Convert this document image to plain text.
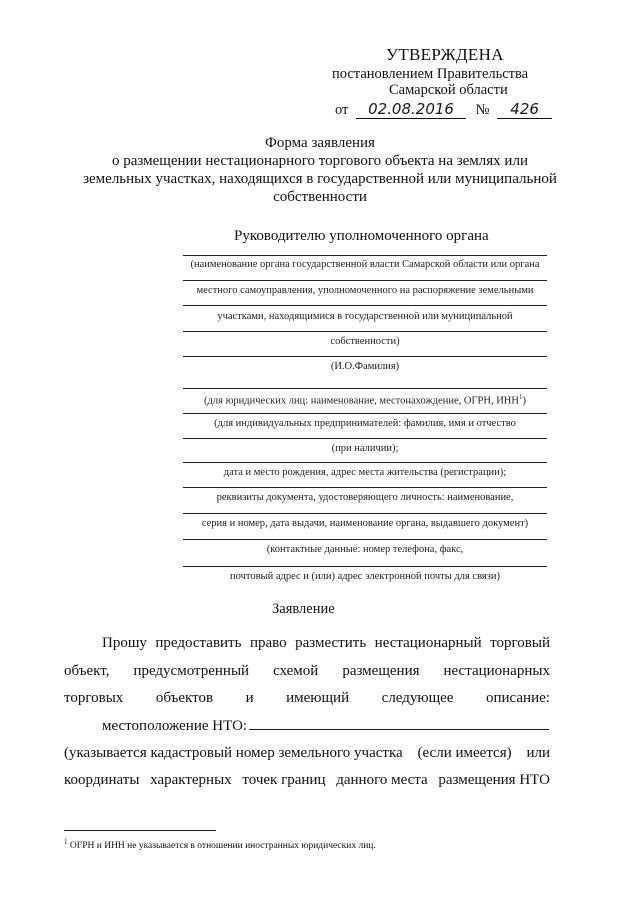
УТВЕРЖДЕНА
постановлением Правительства
Самарской области
от 02.08.2016 № 426
Форма заявления
о размещении нестационарного торгового объекта на землях или
земельных участках, находящихся в государственной или муниципальной
собственности
Руководителю уполномоченного органа
(наименование органа государственной власти Самарской области или органа
местного самоуправления, уполномоченного на распоряжение земельными
участками, находящимися в государственной или муниципальной
собственности)
(И.О.Фамилия)
(для юридических лиц: наименование, местонахождение, ОГРН, ИНН$^1$)
(для индивидуальных предпринимателей: фамилия, имя и отчество
(при наличии);
дата и место рождения, адрес места жительства (регистрации);
реквизиты документа, удостоверяющего личность: наименование,
серия и номер, дата выдачи, наименование органа, выдавшего документ)
(контактные данные: номер телефона, факс,
почтовый адрес и (или) адрес электронной почты для связи)
Заявление
Прошу предоставить право разместить нестационарный торговый
объект, предусмотренный схемой размещения нестационарных
торговых объектов и имеющий следующее описание:
местоположение НТО:
(указывается кадастровый номер земельного участка (если имеется) или
координаты характерных точек границ данного места размещения НТО
$^1$ ОГРН и ИНН не указывается в отношении иностранных юридических лиц.
